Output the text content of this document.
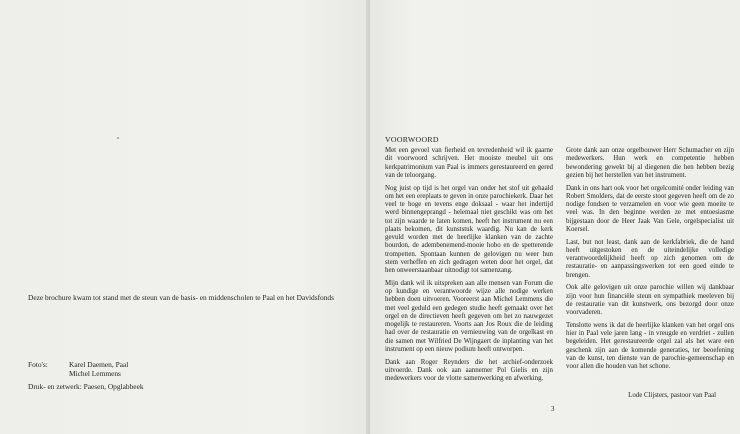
Deze brochure kwam tot stand met de steun van de basis- en middenscholen te Paal en het Davidsfonds
Foto's:	Karel Daemen, Paal
Michel Lemmens
Druk- en zetwerk: Paesen, Opglabbeek
VOORWOORD

Met een gevoel van fierheid en tevredenheid wil ik gaarne dit voorwoord schrijven. Het mooiste meubel uit ons kerkpatrimonium van Paal is immers gerestaureerd en gered van de teloorgang.

Nog juist op tijd is het orgel van onder het stof uit gehaald om het een ereplaats te geven in onze parochiekerk. Daar het veel te hoge en tevens enge doksaal - waar het indertijd werd binnengeprangd - helemaal niet geschikt was om het tot zijn waarde te laten komen, heeft het instrument nu een plaats bekomen, dit kunststuk waardig. Nu kan de kerk gevuld worden met de heerlijke klanken van de zachte bourdon, de adembenemend-mooie hobo en de spetterende trompetten. Spontaan kunnen de gelovigen nu weer hun stem verheffen en zich gedragen weten door het orgel, dat hen onweerstaanbaar uitnodigt tot samenzang.

Mijn dank wil ik uitspreken aan alle mensen van Forum die op kundige en verantwoorde wijze alle nodige werken hebben doen uitvoeren. Vooreerst aan Michel Lemmens die met veel geduld een gedegen studie heeft gemaakt over het orgel en de directieven heeft gegeven om het zo nauwgezet mogelijk te restaureren. Voorts aan Jos Roux die de leiding had over de restauratie en vernieuwing van de orgelkast en die samen met Wilfried De Wijngaert de inplanting van het instrument op een nieuw podium heeft ontworpen.

Dank aan Roger Reynders die het archief-onderzoek uitvoerde. Dank ook aan aannemer Pol Gielis en zijn medewerkers voor de vlotte samenwerking en afwerking.

Grote dank aan onze orgelbouwer Herr Schumacher en zijn medewerkers. Hun werk en competentie hebben bewondering gewekt bij al diegenen die hen hebben bezig gezien bij het herstellen van het instrument.

Dank in ons hart ook voor het orgelcomité onder leiding van Robert Smolders, dat de eerste stoot gegeven heeft om de zo nodige fondsen te verzamelen en voor wie geen moeite te veel was. In den beginne werden ze met entoesiasme bijgestaan door de Heer Jaak Van Gele, orgelspecialist uit Koersel.

Last, but not least, dank aan de kerkfabriek, die de hand heeft uitgestoken en de uiteindelijke volledige verantwoordelijkheid heeft op zich genomen om de restauratie- en aanpassingswerken tot een goed einde te brengen.

Ook alle gelovigen uit onze parochie willen wij dankbaar zijn voor hun financiële steun en sympathiek meeleven bij de restauratie van dit kunstwerk, ons bezorgd door onze voorvaderen.

Tenslotte wens ik dat de heerlijke klanken van het orgel ons hier in Paal vele jaren lang - in vreugde en verdriet - zullen begeleiden. Het gerestaureerde orgel zal als het ware een geschenk zijn aan de komende generaties, ter beoefening van de kunst, ten dienste van de parochie-gemeenschap en voor allen die houden van het schone.

Lode Clijsters, pastoor van Paal
3
